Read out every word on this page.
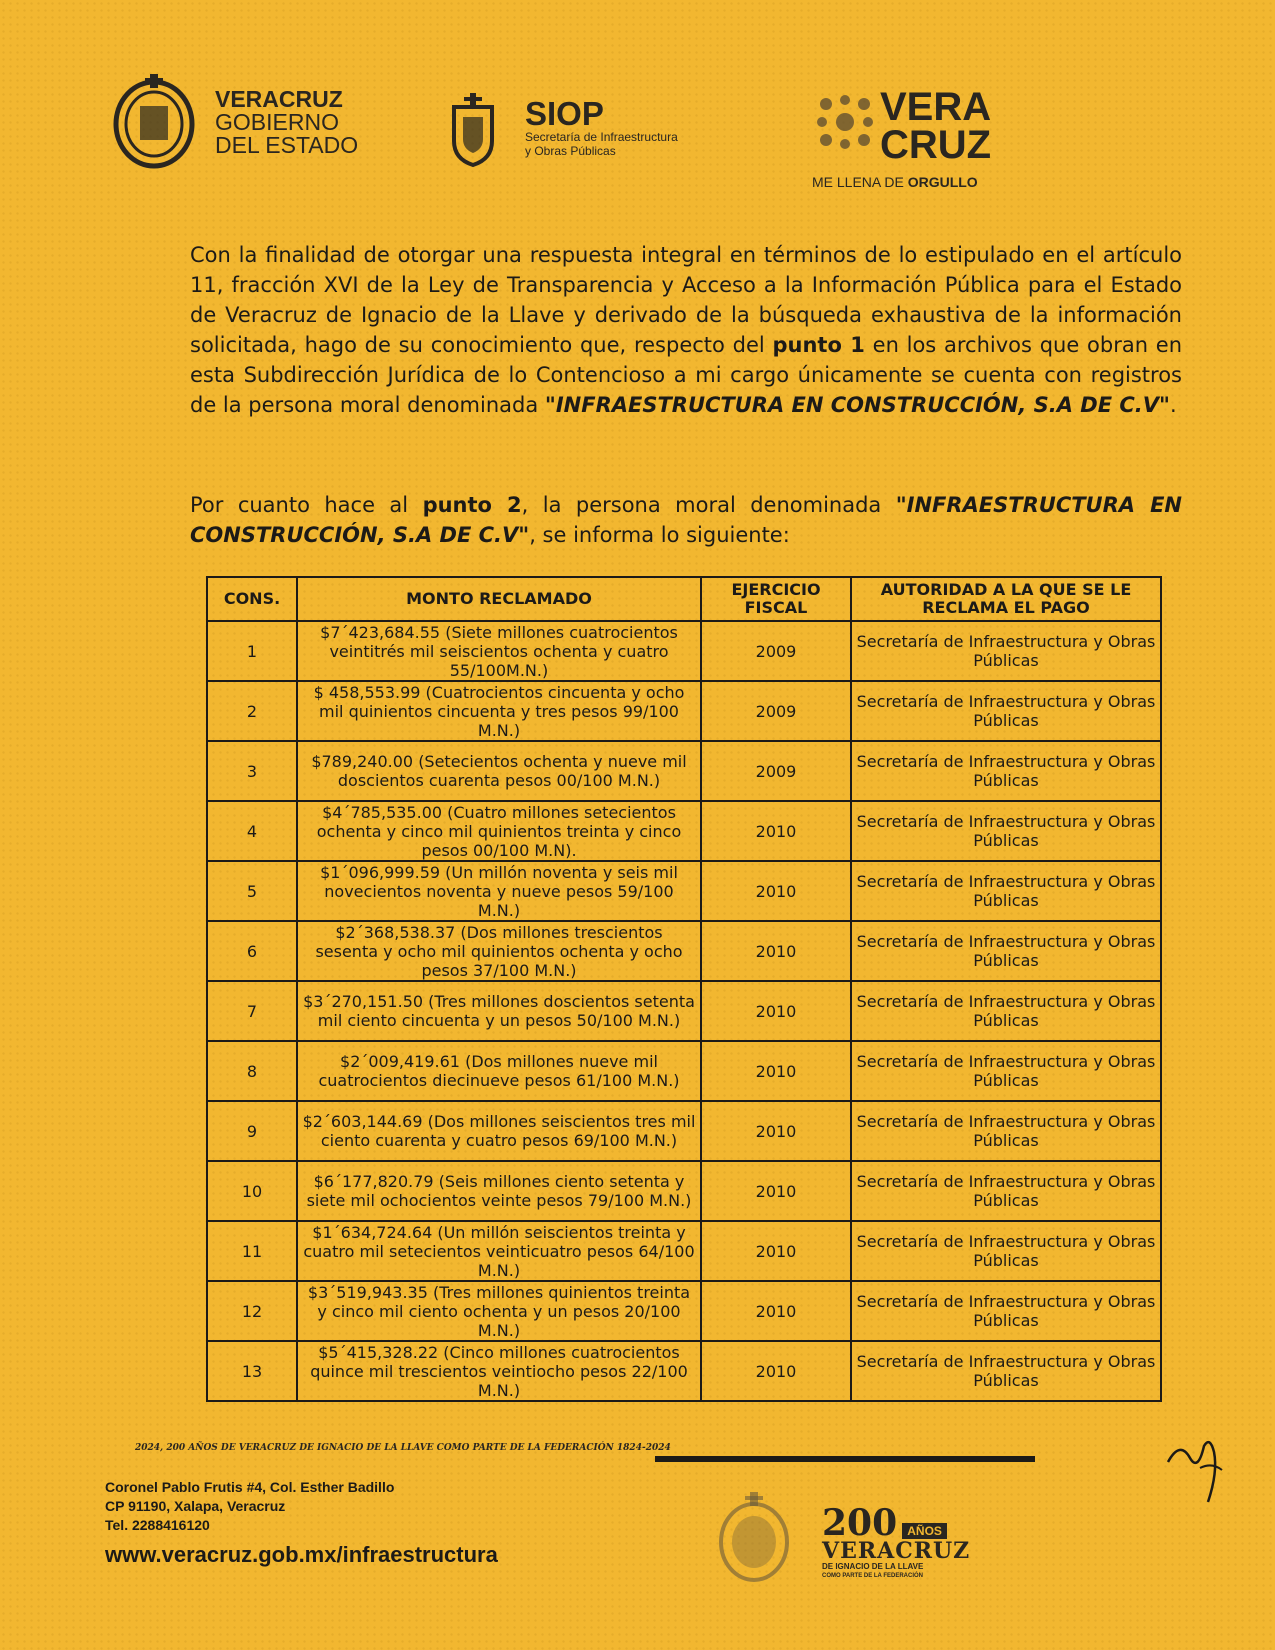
VERACRUZ
GOBIERNO
DEL ESTADO
SIOP
Secretaría de Infraestructura
y Obras Públicas
VERA
CRUZ
ME LLENA DE ORGULLO
Con la finalidad de otorgar una respuesta integral en términos de lo estipulado en el artículo 11, fracción XVI de la Ley de Transparencia y Acceso a la Información Pública para el Estado de Veracruz de Ignacio de la Llave y derivado de la búsqueda exhaustiva de la información solicitada, hago de su conocimiento que, respecto del punto 1 en los archivos que obran en esta Subdirección Jurídica de lo Contencioso a mi cargo únicamente se cuenta con registros de la persona moral denominada "INFRAESTRUCTURA EN CONSTRUCCIÓN, S.A DE C.V".
Por cuanto hace al punto 2, la persona moral denominada "INFRAESTRUCTURA EN CONSTRUCCIÓN, S.A DE C.V", se informa lo siguiente:
CONS.	MONTO RECLAMADO	EJERCICIO FISCAL	AUTORIDAD A LA QUE SE LE RECLAMA EL PAGO
1	$7´423,684.55 (Siete millones cuatrocientos veintitrés mil seiscientos ochenta y cuatro 55/100M.N.)	2009	Secretaría de Infraestructura y Obras Públicas
2	$ 458,553.99 (Cuatrocientos cincuenta y ocho mil quinientos cincuenta y tres pesos 99/100 M.N.)	2009	Secretaría de Infraestructura y Obras Públicas
3	$789,240.00 (Setecientos ochenta y nueve mil doscientos cuarenta pesos 00/100 M.N.)	2009	Secretaría de Infraestructura y Obras Públicas
4	$4´785,535.00 (Cuatro millones setecientos ochenta y cinco mil quinientos treinta y cinco pesos 00/100 M.N).	2010	Secretaría de Infraestructura y Obras Públicas
5	$1´096,999.59 (Un millón noventa y seis mil novecientos noventa y nueve pesos 59/100 M.N.)	2010	Secretaría de Infraestructura y Obras Públicas
6	$2´368,538.37 (Dos millones trescientos sesenta y ocho mil quinientos ochenta y ocho pesos 37/100 M.N.)	2010	Secretaría de Infraestructura y Obras Públicas
7	$3´270,151.50 (Tres millones doscientos setenta mil ciento cincuenta y un pesos 50/100 M.N.)	2010	Secretaría de Infraestructura y Obras Públicas
8	$2´009,419.61 (Dos millones nueve mil cuatrocientos diecinueve pesos 61/100 M.N.)	2010	Secretaría de Infraestructura y Obras Públicas
9	$2´603,144.69 (Dos millones seiscientos tres mil ciento cuarenta y cuatro pesos 69/100 M.N.)	2010	Secretaría de Infraestructura y Obras Públicas
10	$6´177,820.79 (Seis millones ciento setenta y siete mil ochocientos veinte pesos 79/100 M.N.)	2010	Secretaría de Infraestructura y Obras Públicas
11	$1´634,724.64 (Un millón seiscientos treinta y cuatro mil setecientos veinticuatro pesos 64/100 M.N.)	2010	Secretaría de Infraestructura y Obras Públicas
12	$3´519,943.35 (Tres millones quinientos treinta y cinco mil ciento ochenta y un pesos 20/100 M.N.)	2010	Secretaría de Infraestructura y Obras Públicas
13	$5´415,328.22 (Cinco millones cuatrocientos quince mil trescientos veintiocho pesos 22/100 M.N.)	2010	Secretaría de Infraestructura y Obras Públicas
2024, 200 AÑOS DE VERACRUZ DE IGNACIO DE LA LLAVE COMO PARTE DE LA FEDERACIÓN 1824-2024
Coronel Pablo Frutis #4, Col. Esther Badillo
CP 91190, Xalapa, Veracruz
Tel. 2288416120
www.veracruz.gob.mx/infraestructura
200 AÑOS
VERACRUZ
DE IGNACIO DE LA LLAVE
COMO PARTE DE LA FEDERACIÓN
